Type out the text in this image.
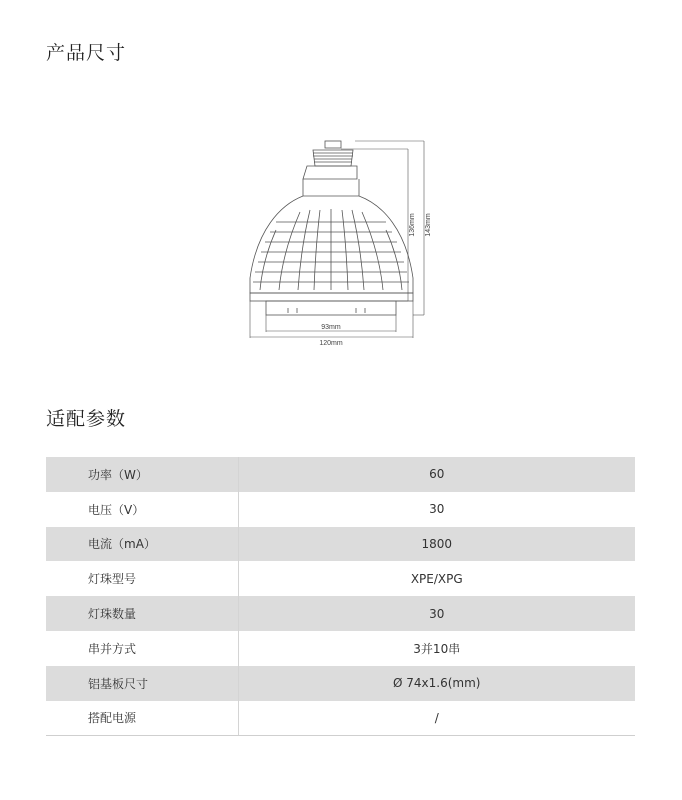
产品尺寸
136mm 143mm
93mm
120mm
适配参数
功率（W）	60
电压（V）	30
电流（mA）	1800
灯珠型号	XPE/XPG
灯珠数量	30
串并方式	3并10串
铝基板尺寸	Ø 74x1.6(mm)
搭配电源	/
